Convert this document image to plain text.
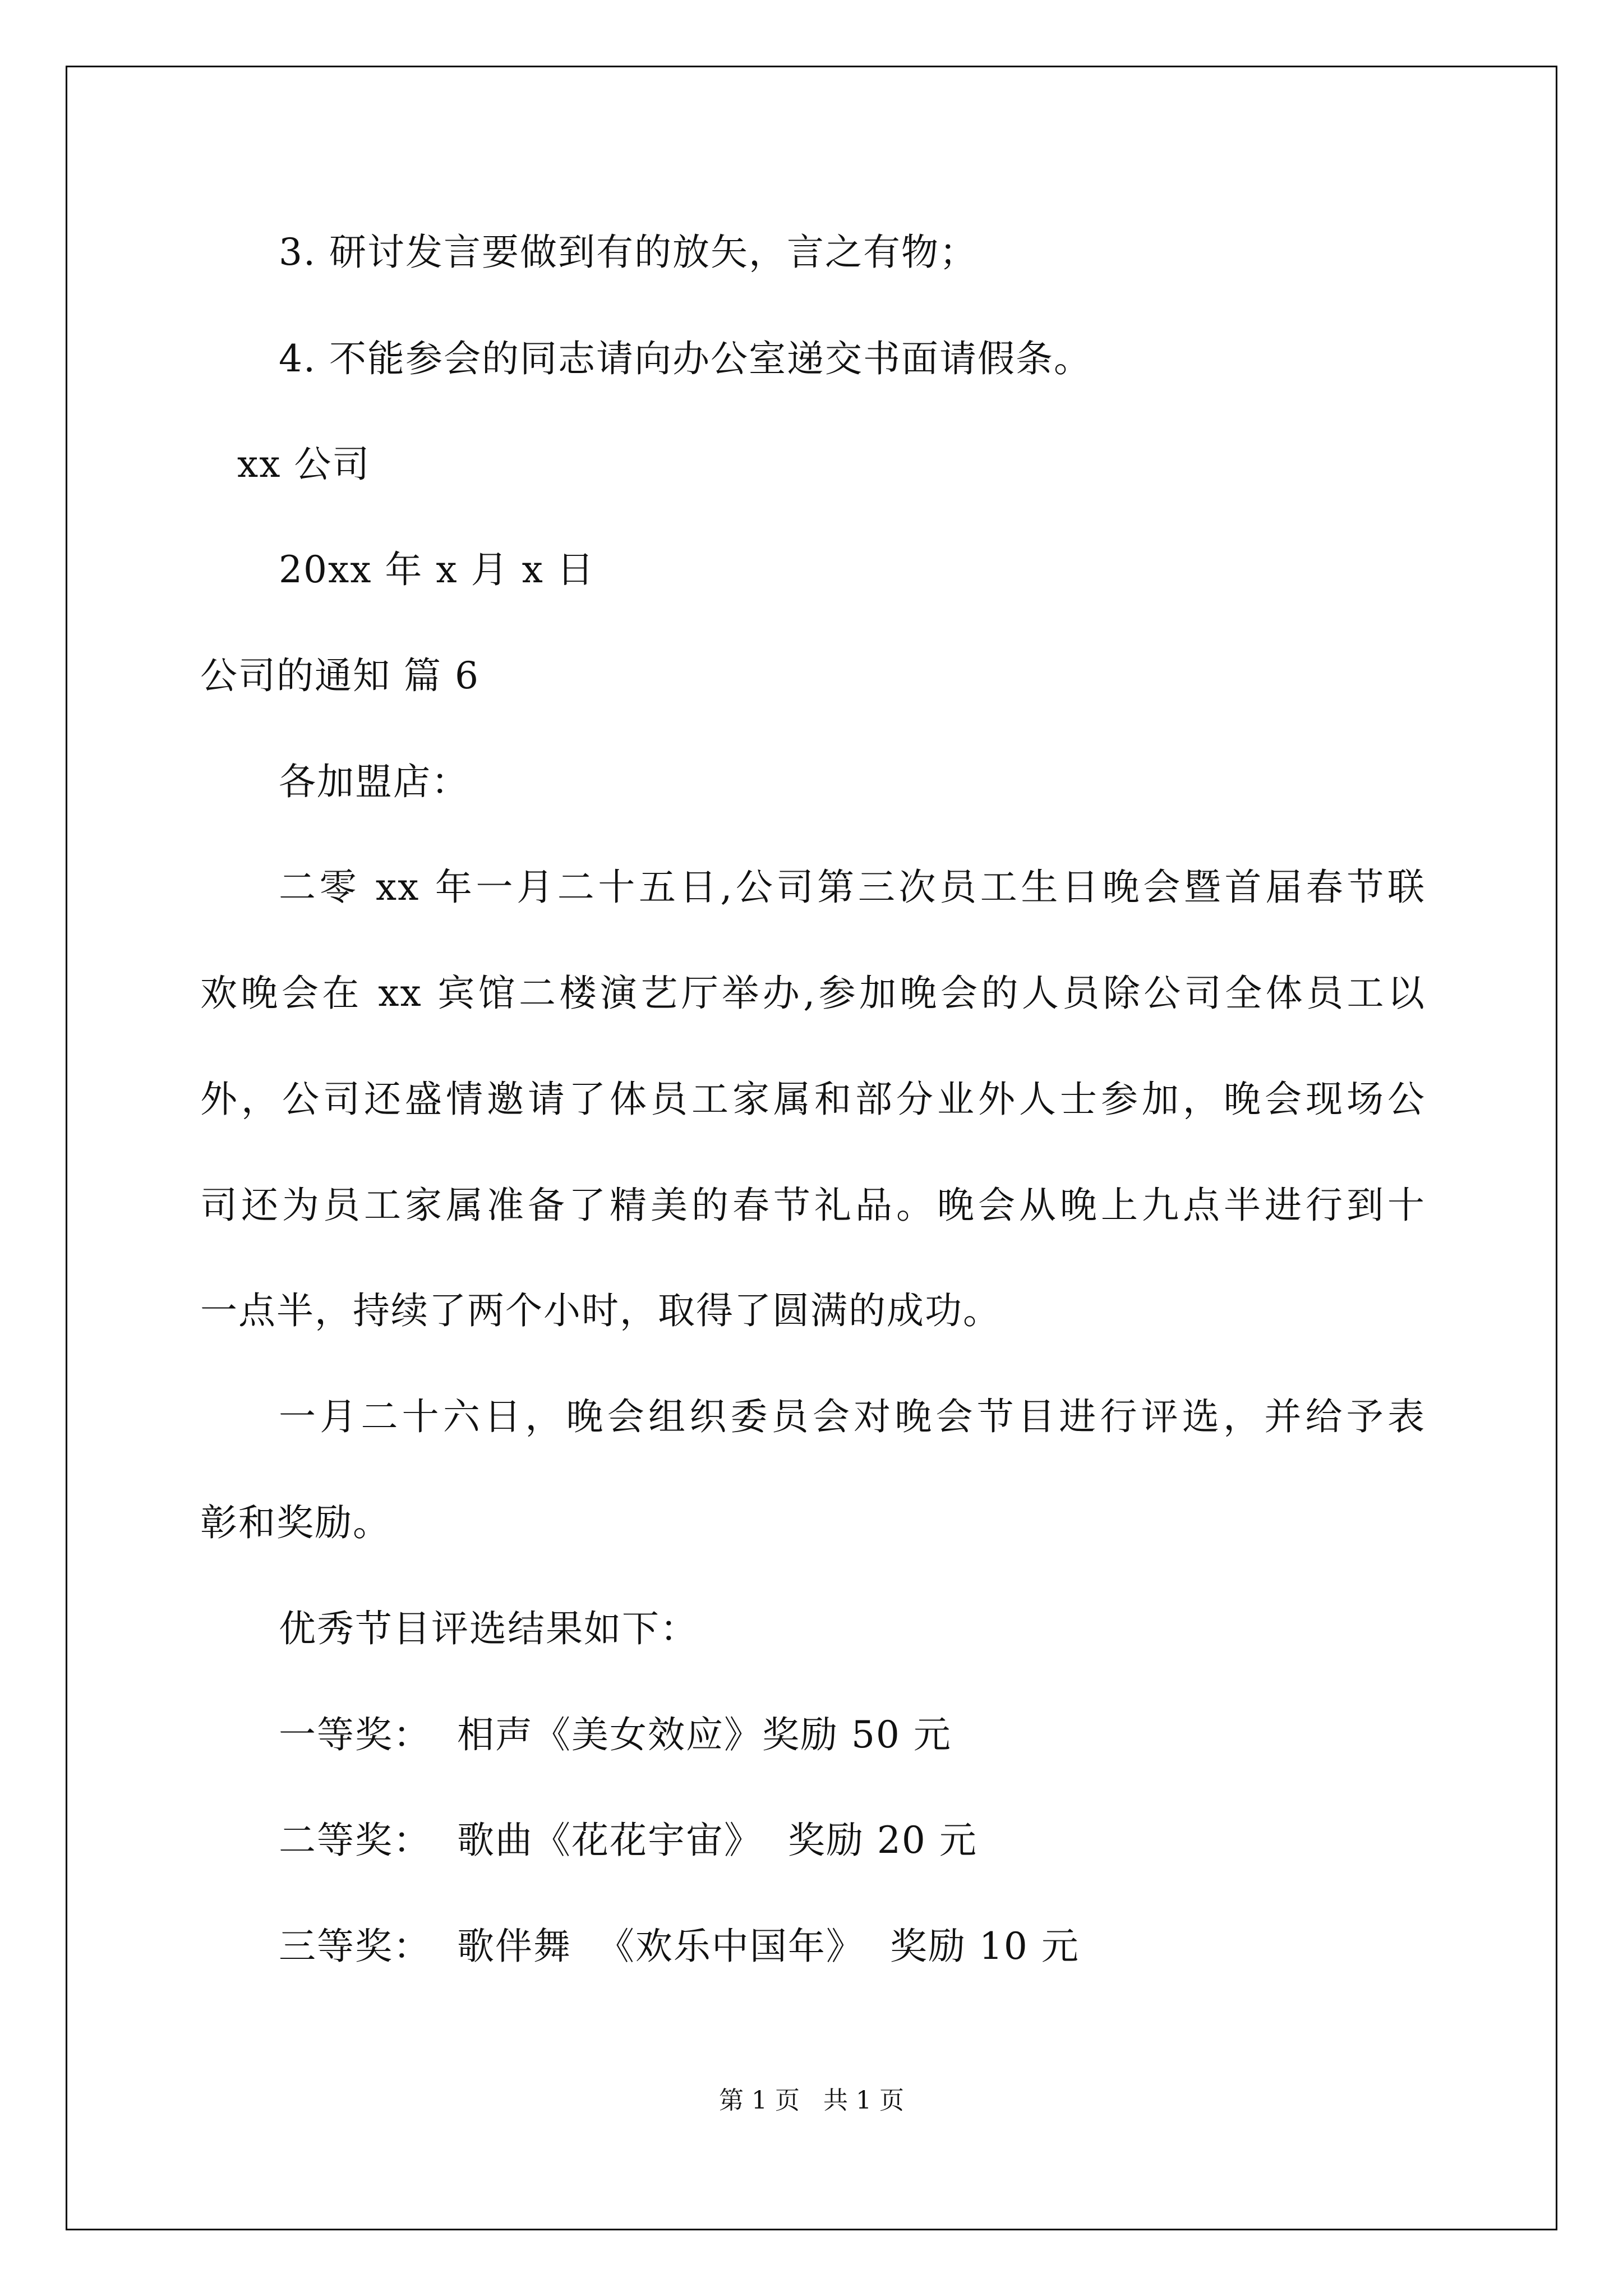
3. 研讨发言要做到有的放矢，言之有物；
4. 不能参会的同志请向办公室递交书面请假条。
xx 公司
20xx 年 x 月 x 日
公司的通知 篇 6
各加盟店：
二零 xx 年一月二十五日,公司第三次员工生日晚会暨首届春节联
欢晚会在 xx 宾馆二楼演艺厅举办,参加晚会的人员除公司全体员工以
外，公司还盛情邀请了体员工家属和部分业外人士参加，晚会现场公
司还为员工家属准备了精美的春节礼品。晚会从晚上九点半进行到十
一点半，持续了两个小时，取得了圆满的成功。
一月二十六日，晚会组织委员会对晚会节目进行评选，并给予表
彰和奖励。
优秀节目评选结果如下：
一等奖：  相声《美女效应》奖励 50 元
二等奖：  歌曲《花花宇宙》  奖励 20 元
三等奖：  歌伴舞  《欢乐中国年》  奖励 10 元
第 1 页   共 1 页
